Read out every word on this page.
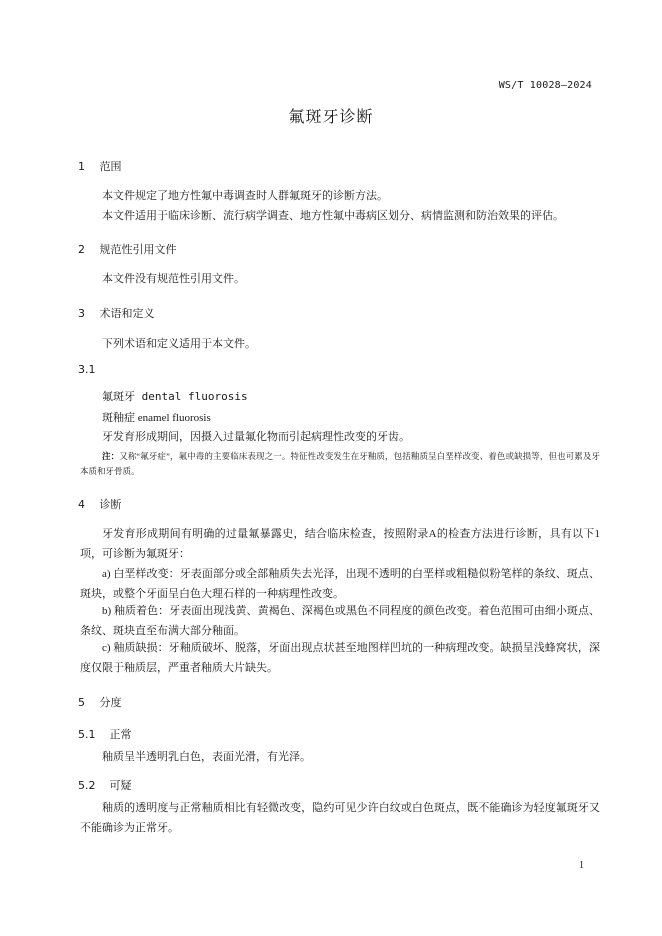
WS/T 10028—2024
氟斑牙诊断
1 范围
本文件规定了地方性氟中毒调查时人群氟斑牙的诊断方法。
本文件适用于临床诊断、流行病学调查、地方性氟中毒病区划分、病情监测和防治效果的评估。
2 规范性引用文件
本文件没有规范性引用文件。
3 术语和定义
下列术语和定义适用于本文件。
3.1
氟斑牙 dental fluorosis
斑釉症 enamel fluorosis
牙发育形成期间，因摄入过量氟化物而引起病理性改变的牙齿。
注：又称“氟牙症”，氟中毒的主要临床表现之一。特征性改变发生在牙釉质，包括釉质呈白垩样改变、着色或缺损等，但也可累及牙本质和牙骨质。
4 诊断
牙发育形成期间有明确的过量氟暴露史，结合临床检查，按照附录A的检查方法进行诊断，具有以下1项，可诊断为氟斑牙：
a) 白垩样改变：牙表面部分或全部釉质失去光泽，出现不透明的白垩样或粗糙似粉笔样的条纹、斑点、斑块，或整个牙面呈白色大理石样的一种病理性改变。
b) 釉质着色：牙表面出现浅黄、黄褐色、深褐色或黑色不同程度的颜色改变。着色范围可由细小斑点、条纹、斑块直至布满大部分釉面。
c) 釉质缺损：牙釉质破坏、脱落，牙面出现点状甚至地图样凹坑的一种病理改变。缺损呈浅蜂窝状，深度仅限于釉质层，严重者釉质大片缺失。
5 分度
5.1 正常
釉质呈半透明乳白色，表面光滑，有光泽。
5.2 可疑
釉质的透明度与正常釉质相比有轻微改变，隐约可见少许白纹或白色斑点，既不能确诊为轻度氟斑牙又不能确诊为正常牙。
1
